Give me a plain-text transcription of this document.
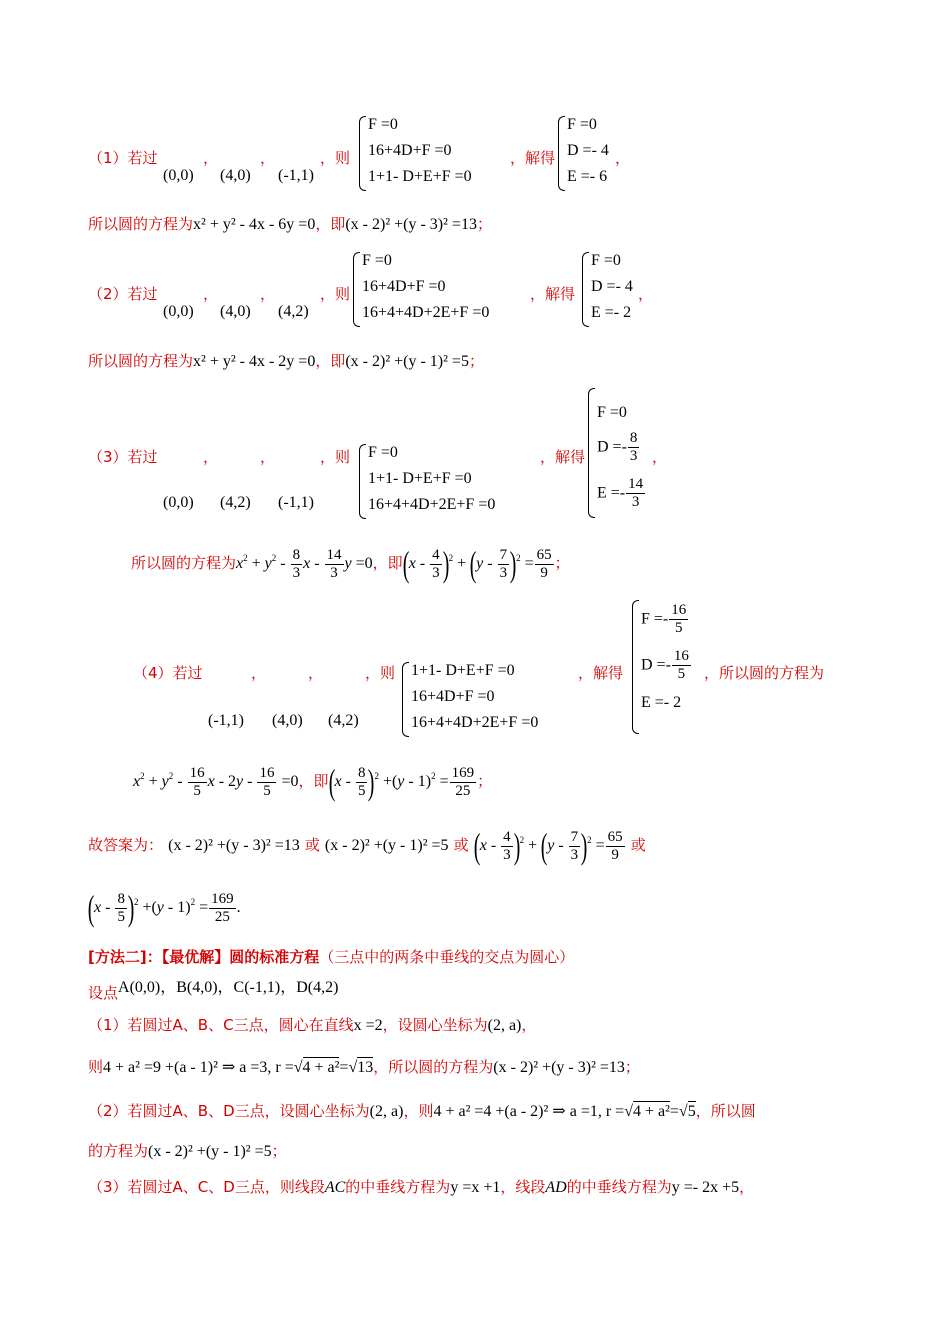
（1）若过	，	，	，则
(0,0) (4,0) (-1,1)
F =0
16+4D+F =0
1+1- D+E+F =0
，解得
F =0
D =- 4
E =- 6
，
所以圆的方程为x² + y² - 4x - 6y =0，即(x - 2)² +(y - 3)² =13；
（2）若过	，	，	，则
(0,0) (4,0) (4,2)
F =0
16+4D+F =0
16+4+4D+2E+F =0
，解得
F =0
D =- 4
E =- 2
，
所以圆的方程为x² + y² - 4x - 2y =0，即(x - 2)² +(y - 1)² =5；
（3）若过	，	，	，则
(0,0) (4,2) (-1,1)
F =0
1+1- D+E+F =0
16+4+4D+2E+F =0
，解得
F =0
$D =- \frac{8}{3}$
$E =- \frac{14}{3}$
，
所以圆的方程为$x^2 + y^2 - \frac{8}{3}$ x - $\frac{14}{3}$ y =0，即$(x - \frac{4}{3} )^2 + (y - \frac{7}{3} )^2 = \frac{65}{9}$ ；
（4）若过	，	，	，则
(-1,1) (4,0) (4,2)
1+1- D+E+F =0
16+4D+F =0
16+4+4D+2E+F =0
，解得
$F =- \frac{16}{5}$
$D =- \frac{16}{5}$
E =- 2
，所以圆的方程为
$x^2 + y^2 - \frac{16}{5}$ $x - 2y - \frac{16}{5} =0$，即$(x - \frac{8}{5} )^2 +(y - 1)^2 = \frac{169}{25}$ ；
故答案为： (x - 2)² +(y - 3)² =13 或 (x - 2)² +(y - 1)² =5 或 $(x - \frac{4}{3} )^2 + (y - \frac{7}{3} )^2 = \frac{65}{9}$ 或
$(x - \frac{8}{5} )^2 +(y - 1)^2 = \frac{169}{25}$ .
[方法二]：【最优解】圆的标准方程（三点中的两条中垂线的交点为圆心）
设点A(0,0)，B(4,0)，C(-1,1)，D(4,2)
（1）若圆过A、B、C三点，圆心在直线x =2，设圆心坐标为(2, a)，
则4 + a² =9 +(a - 1)² ⇒ a =3, r =√4 + a²=√13，所以圆的方程为(x - 2)² +(y - 3)² =13；
（2）若圆过A、B、D三点，设圆心坐标为(2, a)，则4 + a² =4 +(a - 2)² ⇒ a =1, r =√4 + a²=√5，所以圆
的方程为(x - 2)² +(y - 1)² =5；
（3）若圆过A、C、D三点，则线段AC的中垂线方程为y =x +1，线段AD的中垂线方程为y =- 2x +5，
